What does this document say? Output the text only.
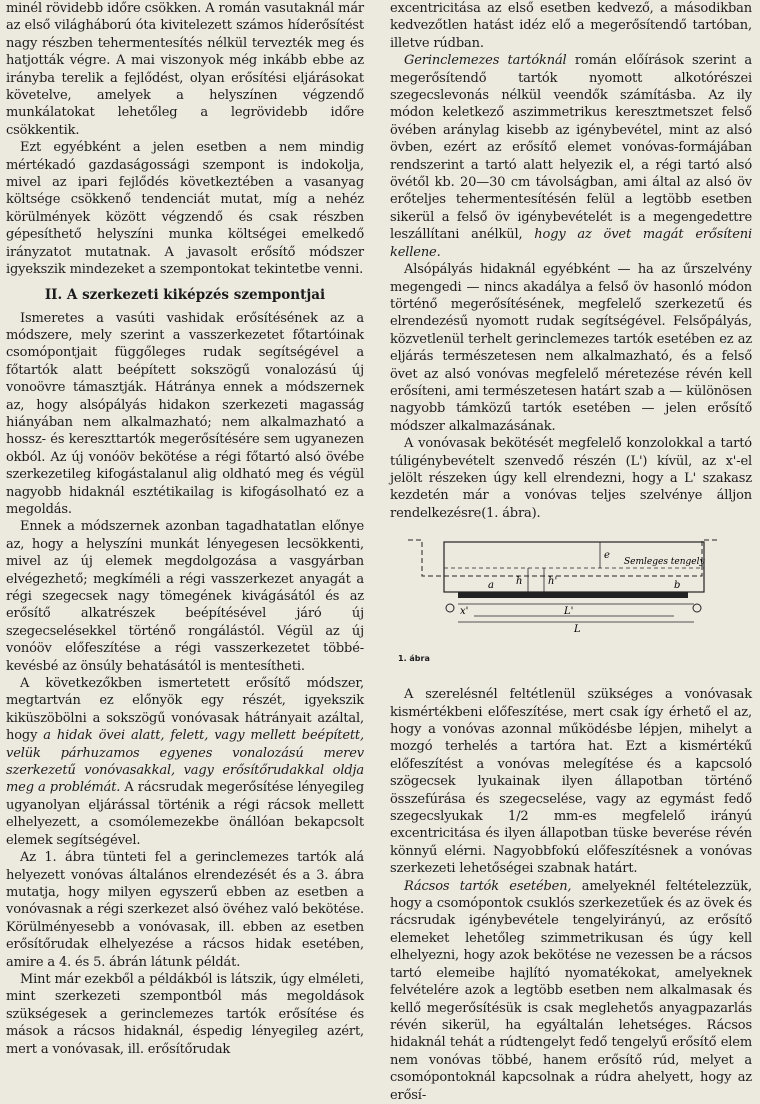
minél rövidebb időre csökken. A román vasutaknál már az első világháború óta kivitelezett számos híderősítést nagy részben tehermentesítés nélkül tervezték meg és hatjották végre. A mai viszonyok még inkább ebbe az irányba terelik a fejlődést, olyan erősítési eljárásokat követelve, amelyek a helyszínen végzendő munkálatokat lehetőleg a legrövidebb időre csökkentik.

Ezt egyébként a jelen esetben a nem mindig mértékadó gazdaságossági szempont is indokolja, mivel az ipari fejlődés következtében a vasanyag költsége csökkenő tendenciát mutat, míg a nehéz körülmények között végzendő és csak részben gépesíthető helyszíni munka költségei emelkedő irányzatot mutatnak. A javasolt erősítő módszer igyekszik mindezeket a szempontokat tekintetbe venni.

II. A szerkezeti kiképzés szempontjai

Ismeretes a vasúti vashidak erősítésének az a módszere, mely szerint a vasszerkezetet főtartóinak csomópontjait függőleges rudak segítségével a főtartók alatt beépített sokszögű vonalozású új vonoövre támasztják. Hátránya ennek a módszernek az, hogy alsópályás hidakon szerkezeti magasság hiányában nem alkalmazható; nem alkalmazható a hossz- és kereszttartók megerősítésére sem ugyanezen okból. Az új vonóöv bekötése a régi főtartó alsó övébe szerkezetileg kifogástalanul alig oldható meg és végül nagyobb hidaknál esztétikailag is kifogásolható ez a megoldás.

Ennek a módszernek azonban tagadhatatlan előnye az, hogy a helyszíni munkát lényegesen lecsökkenti, mivel az új elemek megdolgozása a vasgyárban elvégezhető; megkíméli a régi vasszerkezet anyagát a régi szegecsek nagy tömegének kivágásától és az erősítő alkatrészek beépítésével járó új szegecselésekkel történő rongálástól. Végül az új vonóöv előfeszítése a régi vasszerkezetet többé-kevésbé az önsúly behatásától is mentesítheti.

A következőkben ismertetett erősítő módszer, megtartván ez előnyök egy részét, igyekszik kiküszöbölni a sokszögű vonóvasak hátrányait azáltal, hogy a hidak övei alatt, felett, vagy mellett beépített, velük párhuzamos egyenes vonalozású merev szerkezetű vonóvasakkal, vagy erősítőrudakkal oldja meg a problémát. A rácsrudak megerősítése lényegileg ugyanolyan eljárással történik a régi rácsok mellett elhelyezett, a csomólemezekbe önállóan bekapcsolt elemek segítségével.

Az 1. ábra tünteti fel a gerinclemezes tartók alá helyezett vonóvas általános elrendezését és a 3. ábra mutatja, hogy milyen egyszerű ebben az esetben a vonóvasnak a régi szerkezet alsó övéhez való bekötése. Körülményesebb a vonóvasak, ill. ebben az esetben erősítőrudak elhelyezése a rácsos hidak esetében, amire a 4. és 5. ábrán látunk példát.

Mint már ezekből a példákból is látszik, úgy elméleti, mint szerkezeti szempontból más megoldások szükségesek a gerinclemezes tartók erősítése és mások a rácsos hidaknál, éspedig lényegileg azért, mert a vonóvasak, ill. erősítőrudak

excentricitása az első esetben kedvező, a másodikban kedvezőtlen hatást idéz elő a megerősítendő tartóban, illetve rúdban.

Gerinclemezes tartóknál román előírások szerint a megerősítendő tartók nyomott alkotórészei szegecslevonás nélkül veendők számításba. Az ily módon keletkező aszimmetrikus keresztmetszet felső övében aránylag kisebb az igénybevétel, mint az alsó övben, ezért az erősítő elemet vonóvas-formájában rendszerint a tartó alatt helyezik el, a régi tartó alsó övétől kb. 20—30 cm távolságban, ami által az alsó öv erőteljes tehermentesítésén felül a legtöbb esetben sikerül a felső öv igénybevételét is a megengedettre leszállítani anélkül, hogy az övet magát erősíteni kellene.

Alsópályás hidaknál egyébként — ha az űrszelvény megengedi — nincs akadálya a felső öv hasonló módon történő megerősítésének, megfelelő szerkezetű és elrendezésű nyomott rudak segítségével. Felsőpályás, közvetlenül terhelt gerinclemezes tartók esetében ez az eljárás természetesen nem alkalmazható, és a felső övet az alsó vonóvas megfelelő méretezése révén kell erősíteni, ami természetesen határt szab a — különösen nagyobb támközű tartók esetében — jelen erősítő módszer alkalmazásának.

A vonóvasak bekötését megfelelő konzolokkal a tartó túligénybevételt szenvedő részén (L') kívül, az x'-el jelölt részeken úgy kell elrendezni, hogy a L' szakasz kezdetén már a vonóvas teljes szelvénye álljon rendelkezésre(1. ábra).

Semleges tengely
a	b
h	h'
e
L
L'
x'
1. ábra

A szerelésnél feltétlenül szükséges a vonóvasak kismértékbeni előfeszítése, mert csak így érhető el az, hogy a vonóvas azonnal működésbe lépjen, mihelyt a mozgó terhelés a tartóra hat. Ezt a kismértékű előfeszítést a vonóvas melegítése és a kapcsoló szögecsek lyukainak ilyen állapotban történő összefúrása és szegecselése, vagy az egymást fedő szegecslyukak 1/2 mm-es megfelelő irányú excentricitása és ilyen állapotban tüske beverése révén könnyű elérni. Nagyobbfokú előfeszítésnek a vonóvas szerkezeti lehetőségei szabnak határt.

Rácsos tartók esetében, amelyeknél feltételezzük, hogy a csomópontok csuklós szerkezetűek és az övek és rácsrudak igénybevétele tengelyirányú, az erősítő elemeket lehetőleg szimmetrikusan és úgy kell elhelyezni, hogy azok bekötése ne vezessen be a rácsos tartó elemeibe hajlító nyomatékokat, amelyeknek felvételére azok a legtöbb esetben nem alkalmasak és kellő megerősítésük is csak meglehetős anyagpazarlás révén sikerül, ha egyáltalán lehetséges. Rácsos hidaknál tehát a rúdtengelyt fedő tengelyű erősítő elem nem vonóvas többé, hanem erősítő rúd, melyet a csomópontoknál kapcsolnak a rúdra ahelyett, hogy az erősí-
